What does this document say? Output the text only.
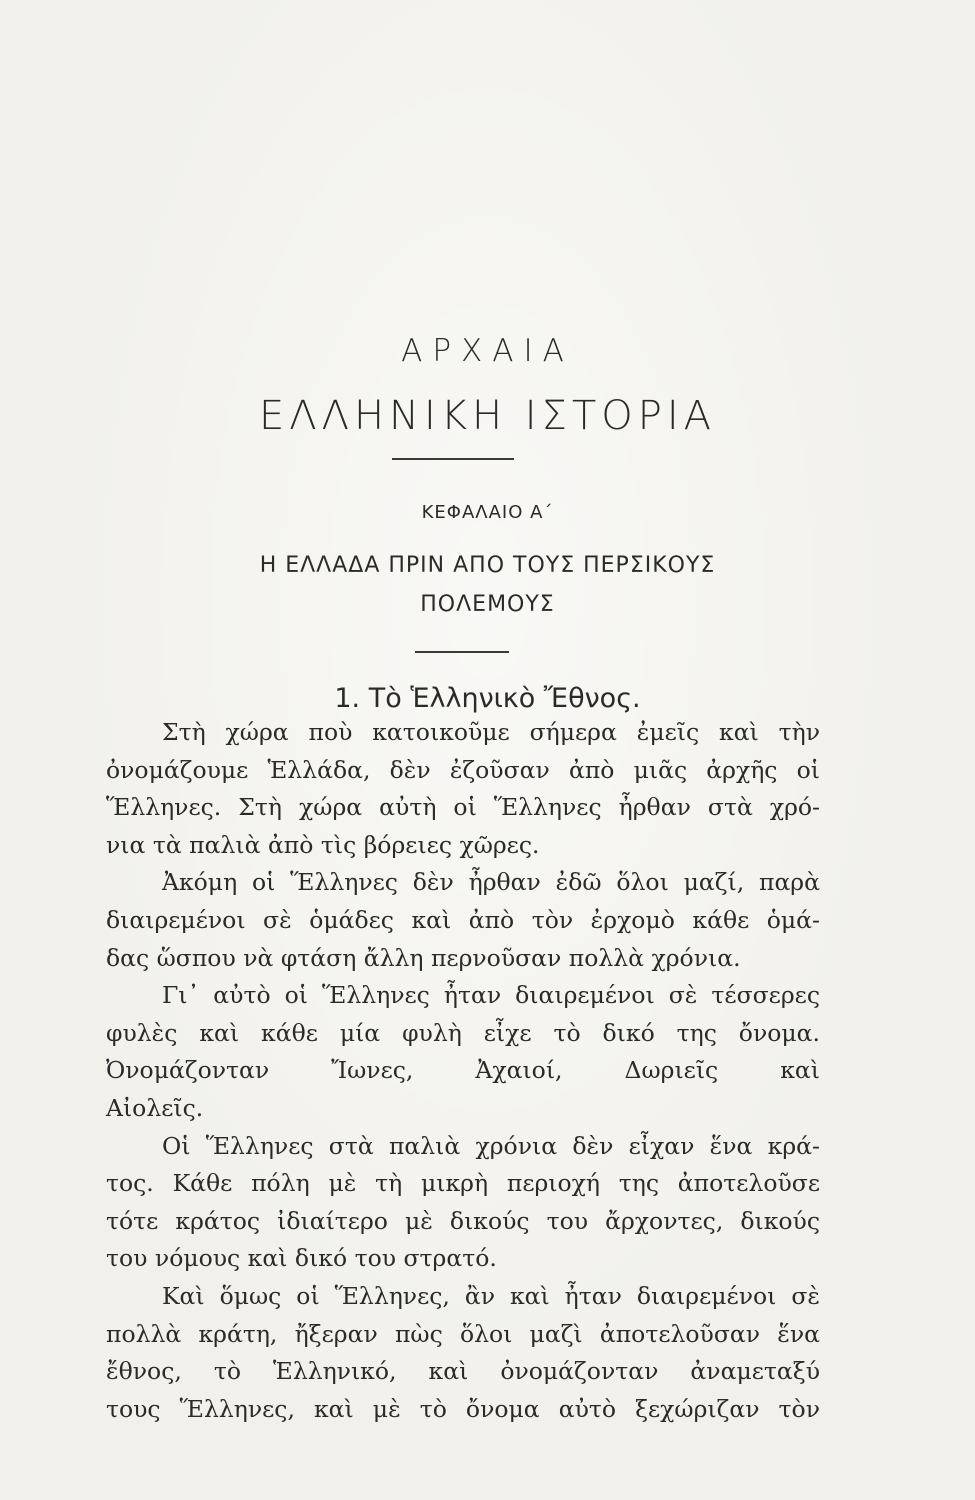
ΑΡΧΑΙΑ
ΕΛΛΗΝΙΚΗ ΙΣΤΟΡΙΑ
ΚΕΦΑΛΑΙΟ Α΄
Η ΕΛΛΑΔΑ ΠΡΙΝ ΑΠΟ ΤΟΥΣ ΠΕΡΣΙΚΟΥΣ
ΠΟΛΕΜΟΥΣ
1. Τὸ Ἑλληνικὸ Ἔθνος.
Στὴ χώρα ποὺ κατοικοῦμε σήμερα ἐμεῖς καὶ τὴν
ὀνομάζουμε Ἑλλάδα, δὲν ἐζοῦσαν ἀπὸ μιᾶς ἀρχῆς οἱ
Ἕλληνες. Στὴ χώρα αὐτὴ οἱ Ἕλληνες ἦρθαν στὰ χρό-
νια τὰ παλιὰ ἀπὸ τὶς βόρειες χῶρες.
Ἀκόμη οἱ Ἕλληνες δὲν ἦρθαν ἐδῶ ὅλοι μαζί, παρὰ
διαιρεμένοι σὲ ὁμάδες καὶ ἀπὸ τὸν ἐρχομὸ κάθε ὁμά-
δας ὥσπου νὰ φτάση ἄλλη περνοῦσαν πολλὰ χρόνια.
Γι᾽ αὐτὸ οἱ Ἕλληνες ἦταν διαιρεμένοι σὲ τέσσερες
φυλὲς καὶ κάθε μία φυλὴ εἶχε τὸ δικό της ὄνομα.
Ὀνομάζονταν Ἴωνες, Ἀχαιοί, Δωριεῖς καὶ
Αἰολεῖς.
Οἱ Ἕλληνες στὰ παλιὰ χρόνια δὲν εἶχαν ἕνα κρά-
τος. Κάθε πόλη μὲ τὴ μικρὴ περιοχή της ἀποτελοῦσε
τότε κράτος ἰδιαίτερο μὲ δικούς του ἄρχοντες, δικούς
του νόμους καὶ δικό του στρατό.
Καὶ ὅμως οἱ Ἕλληνες, ἂν καὶ ἦταν διαιρεμένοι σὲ
πολλὰ κράτη, ἤξεραν πὼς ὅλοι μαζὶ ἀποτελοῦσαν ἕνα
ἔθνος, τὸ Ἑλληνικό, καὶ ὀνομάζονταν ἀναμεταξύ
τους Ἕλληνες, καὶ μὲ τὸ ὄνομα αὐτὸ ξεχώριζαν τὸν
